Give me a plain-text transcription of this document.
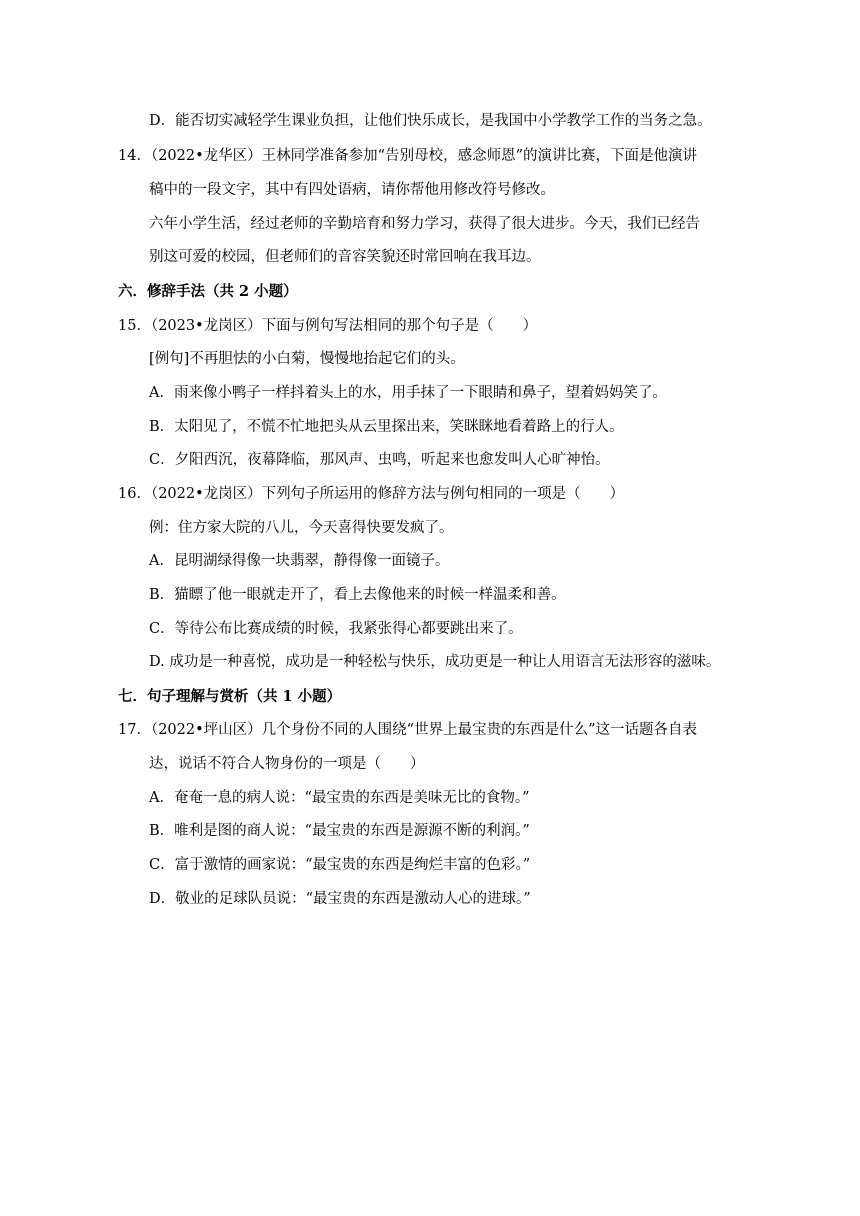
D．能否切实减轻学生课业负担，让他们快乐成长，是我国中小学教学工作的当务之急。
14．（2022•龙华区）王林同学准备参加“告别母校，感念师恩”的演讲比赛，下面是他演讲
稿中的一段文字，其中有四处语病，请你帮他用修改符号修改。
六年小学生活，经过老师的辛勤培育和努力学习，获得了很大进步。今天，我们已经告
别这可爱的校园，但老师们的音容笑貌还时常回响在我耳边。
六．修辞手法（共 2 小题）
15．（2023•龙岗区）下面与例句写法相同的那个句子是（　　）
[例句]不再胆怯的小白菊，慢慢地抬起它们的头。
A．雨来像小鸭子一样抖着头上的水，用手抹了一下眼睛和鼻子，望着妈妈笑了。
B．太阳见了，不慌不忙地把头从云里探出来，笑眯眯地看着路上的行人。
C．夕阳西沉，夜幕降临，那风声、虫鸣，听起来也愈发叫人心旷神怡。
16．（2022•龙岗区）下列句子所运用的修辞方法与例句相同的一项是（　　）
例：住方家大院的八儿，今天喜得快要发疯了。
A．昆明湖绿得像一块翡翠，静得像一面镜子。
B．猫瞟了他一眼就走开了，看上去像他来的时候一样温柔和善。
C．等待公布比赛成绩的时候，我紧张得心都要跳出来了。
D. 成功是一种喜悦，成功是一种轻松与快乐，成功更是一种让人用语言无法形容的滋味。
七．句子理解与赏析（共 1 小题）
17．（2022•坪山区）几个身份不同的人围绕“世界上最宝贵的东西是什么”这一话题各自表
达，说话不符合人物身份的一项是（　　）
A．奄奄一息的病人说：“最宝贵的东西是美味无比的食物。”
B．唯利是图的商人说：“最宝贵的东西是源源不断的利润。”
C．富于激情的画家说：“最宝贵的东西是绚烂丰富的色彩。”
D．敬业的足球队员说：“最宝贵的东西是激动人心的进球。”
